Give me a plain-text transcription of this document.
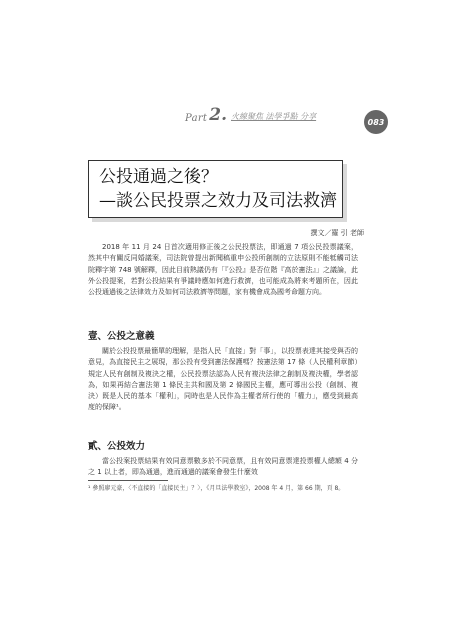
Part 2. 火線聚焦 法學爭點 分享
083
公投通過之後？
—談公民投票之效力及司法救濟
撰文／羅 引 老師

2018 年 11 月 24 日首次適用修正後之公民投票法，即通過 7 項公民投票議案，然其中有關反同婚議案，司法院曾提出新聞稿重申公投所創制的立法原則不能牴觸司法院釋字第 748 號解釋，因此目前熱議仍有「『公投』是否位階『高於憲法』」之議論，此外公投提案，若對公投結果有爭議時應如何進行救濟，也可能成為將來考題所在，因此公投通過後之法律效力及如何司法救濟等問題，家有機會成為國考命題方向。

壹、公投之意義

關於公投投票最簡單的理解，是指人民「直接」對「事」，以投票表達其接受與否的意見，為直接民主之展現，那公投有受到憲法保護嗎？按憲法第 17 條（人民權利章節）規定人民有創制及複決之權，公民投票法認為人民有複決法律之創制及複決權，學者認為，如果再結合憲法第 1 條民主共和國及第 2 條國民主權，應可導出公投（創制、複決）既是人民的基本「權利」，同時也是人民作為主權者所行使的「權力」，應受到最高度的保障¹。

貳、公投效力

當公投案投票結果有效同意票數多於不同意票，且有效同意票達投票權人總額 4 分之 1 以上者，即為通過，進而通過的議案會發生什麼效

¹ 參照廖元豪，〈不直接的「直接民主」？〉，《月旦法學教室》，2008 年 4 月，第 66 期，頁 8。
